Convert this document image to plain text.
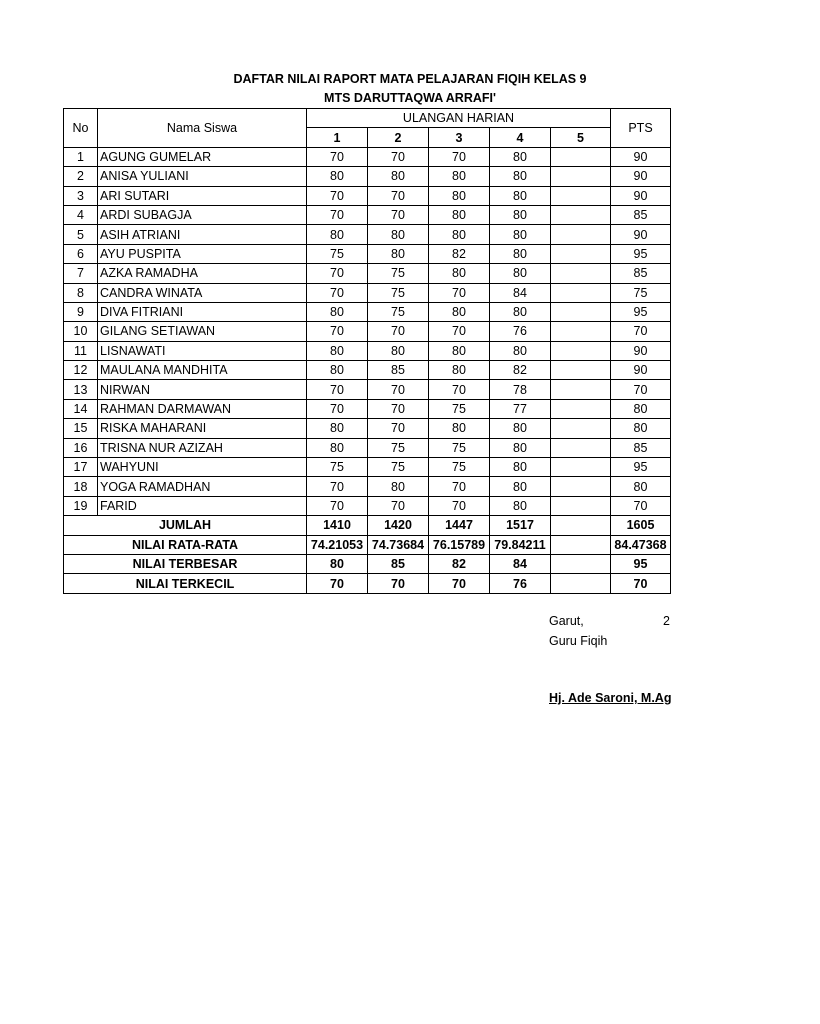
DAFTAR NILAI RAPORT MATA PELAJARAN FIQIH KELAS 9
MTS DARUTTAQWA ARRAFI'
No	Nama Siswa	ULANGAN HARIAN					PTS
		1	2	3	4	5	
1	AGUNG GUMELAR	70	70	70	80		90
2	ANISA YULIANI	80	80	80	80		90
3	ARI SUTARI	70	70	80	80		90
4	ARDI SUBAGJA	70	70	80	80		85
5	ASIH ATRIANI	80	80	80	80		90
6	AYU PUSPITA	75	80	82	80		95
7	AZKA RAMADHA	70	75	80	80		85
8	CANDRA WINATA	70	75	70	84		75
9	DIVA FITRIANI	80	75	80	80		95
10	GILANG SETIAWAN	70	70	70	76		70
11	LISNAWATI	80	80	80	80		90
12	MAULANA MANDHITA	80	85	80	82		90
13	NIRWAN	70	70	70	78		70
14	RAHMAN DARMAWAN	70	70	75	77		80
15	RISKA MAHARANI	80	70	80	80		80
16	TRISNA NUR AZIZAH	80	75	75	80		85
17	WAHYUNI	75	75	75	80		95
18	YOGA RAMADHAN	70	80	70	80		80
19	FARID	70	70	70	80		70
JUMLAH		1410	1420	1447	1517		1605
NILAI RATA-RATA		74.21053	74.73684	76.15789	79.84211		84.47368
NILAI TERBESAR		80	85	82	84		95
NILAI TERKECIL		70	70	70	76		70
Garut,	2
Guru Fiqih
Hj. Ade Saroni, M.Ag
